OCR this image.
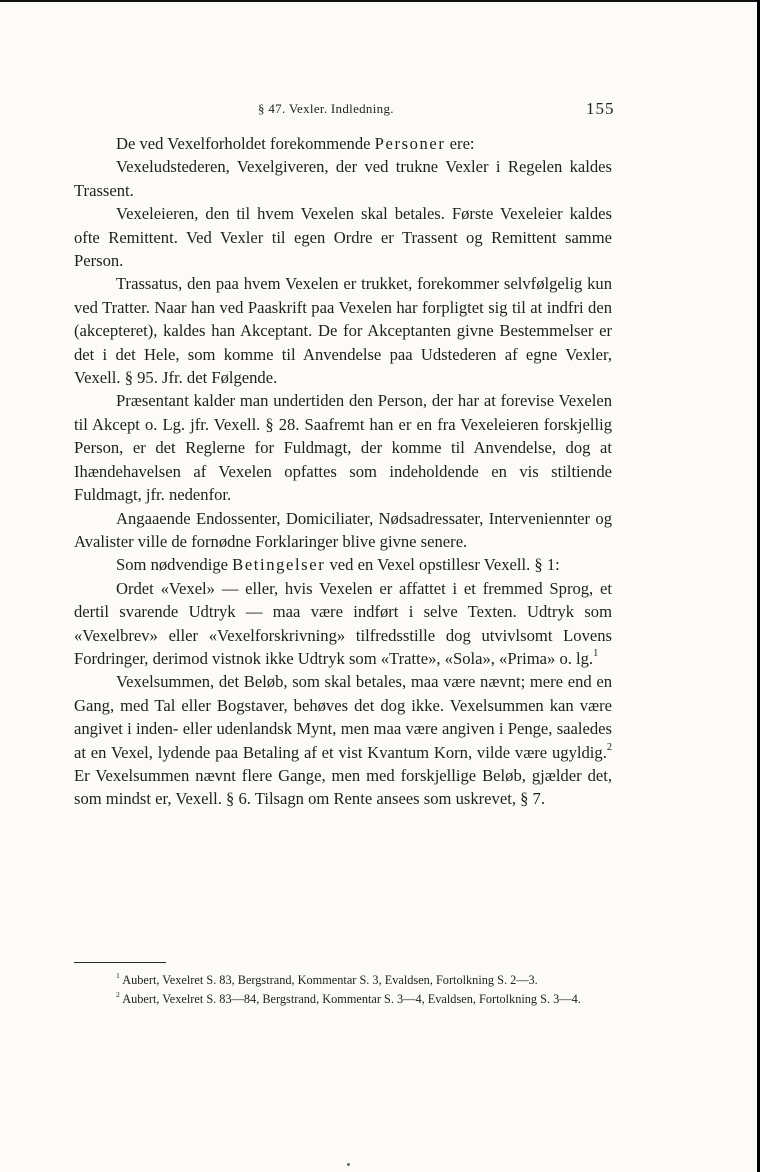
§ 47. Vexler. Indledning.	155

De ved Vexelforholdet forekommende Personer ere:

Vexeludstederen, Vexelgiveren, der ved trukne Vexler i Regelen kaldes Trassent.

Vexeleieren, den til hvem Vexelen skal betales. Første Vexeleier kaldes ofte Remittent. Ved Vexler til egen Ordre er Trassent og Remittent samme Person.

Trassatus, den paa hvem Vexelen er trukket, forekommer selvfølgelig kun ved Tratter. Naar han ved Paaskrift paa Vexelen har forpligtet sig til at indfri den (akcepteret), kaldes han Akceptant. De for Akceptanten givne Bestemmelser er det i det Hele, som komme til Anvendelse paa Udstederen af egne Vexler, Vexell. § 95. Jfr. det Følgende.

Præsentant kalder man undertiden den Person, der har at forevise Vexelen til Akcept o. Lg. jfr. Vexell. § 28. Saafremt han er en fra Vexeleieren forskjellig Person, er det Reglerne for Fuldmagt, der komme til Anvendelse, dog at Ihændehavelsen af Vexelen opfattes som indeholdende en vis stiltiende Fuldmagt, jfr. nedenfor.

Angaaende Endossenter, Domiciliater, Nødsadressater, Interveniennter og Avalister ville de fornødne Forklaringer blive givne senere.

Som nødvendige Betingelser ved en Vexel opstillesr Vexell. § 1:

Ordet «Vexel» — eller, hvis Vexelen er affattet i et fremmed Sprog, et dertil svarende Udtryk — maa være indført i selve Texten. Udtryk som «Vexelbrev» eller «Vexelforskrivning» tilfredsstille dog utvivlsomt Lovens Fordringer, derimod vistnok ikke Udtryk som «Tratte», «Sola», «Prima» o. lg.$^1$

Vexelsummen, det Beløb, som skal betales, maa være nævnt; mere end en Gang, med Tal eller Bogstaver, behøves det dog ikke. Vexelsummen kan være angivet i inden- eller udenlandsk Mynt, men maa være angiven i Penge, saaledes at en Vexel, lydende paa Betaling af et vist Kvantum Korn, vilde være ugyldig.$^2$ Er Vexelsummen nævnt flere Gange, men med forskjellige Beløb, gjælder det, som mindst er, Vexell. § 6. Tilsagn om Rente ansees som uskrevet, § 7.

$^1$ Aubert, Vexelret S. 83, Bergstrand, Kommentar S. 3, Evaldsen, Fortolkning S. 2—3.

$^2$ Aubert, Vexelret S. 83—84, Bergstrand, Kommentar S. 3—4, Evaldsen, Fortolkning S. 3—4.
